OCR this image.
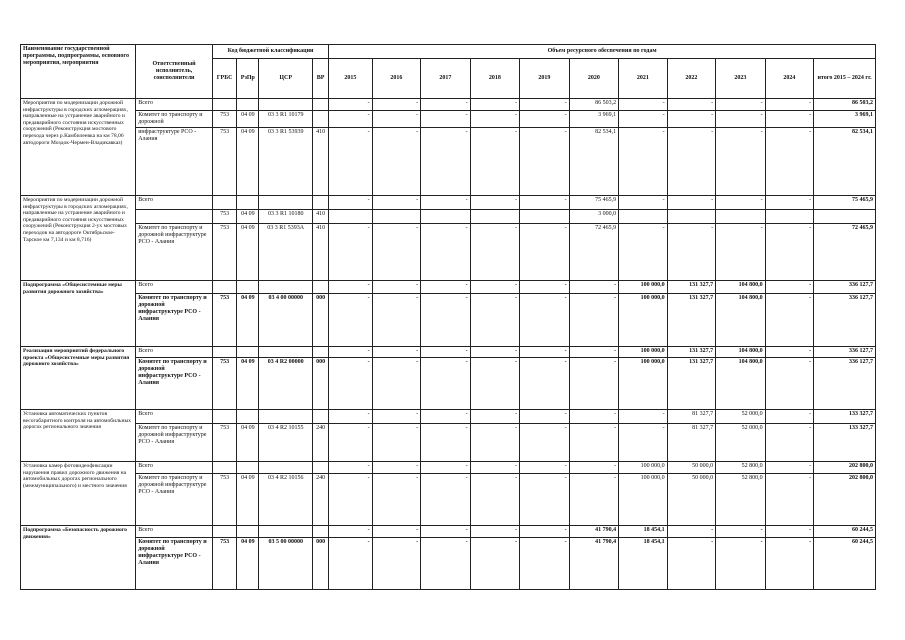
Наименование государственной программы, подпрограммы, основного мероприятия, мероприятия	Ответственный исполнитель, соисполнители	Код бюджетной классификации				Объем ресурсного обеспечения по годам										
		ГРБС	РзПр	ЦСР	ВР	2015	2016	2017	2018	2019	2020	2021	2022	2023	2024	итого 2015 – 2024 гг.
Мероприятия по модернизации дорожной инфраструктуры в городских агломерациях, направленные на устранение аварийного и предаварийного состояния искусственных сооружений (Реконструкция мостового перехода через р.Камбилеевка на км 78,06 автодороги Моздок-Чермен-Владикавказ)	Всего					-	-	-	-	-	86 503,2	-	-	-	-	86 503,2
	Комитет по транспорту и дорожной	753	04 09	03 3 R1 10179		-	-	-	-	-	3 969,1	-	-	-	-	3 969,1
	инфраструктуре РСО - Алания	753	04 09	03 3 R1 53939	410	-	-	-	-	-	82 534,1	-	-	-	-	82 534,1
Мероприятия по модернизации дорожной инфраструктуры в городских агломерациях, направленные на устранение аварийного и предаварийного состояния искусственных сооружений (Реконструкция 2-ух мостовых переходов на автодороге Октябрьское-Тарское км 7,134 и км 8,716)	Всего					-	-	-	-	-	75 465,9	-	-	-	-	75 465,9
		753	04 09	03 3 R1 10180	410						3 000,0					
	Комитет по транспорту и дорожной инфраструктуре РСО - Алания	753	04 09	03 3 R1 5393A	410	-	-	-	-	-	72 465,9	-	-	-	-	72 465,9
Подпрограмма «Общесистемные меры развития дорожного хозяйства»	Всего					-	-	-	-	-	-	100 000,0	131 327,7	104 800,0	-	336 127,7
	Комитет по транспорту и дорожной инфраструктуре РСО - Алания	753	04 09	03 4 00 00000	000	-	-	-	-	-	-	100 000,0	131 327,7	104 800,0	-	336 127,7
Реализация мероприятий федерального проекта «Общесистемные меры развития дорожного хозяйства»	Всего					-	-	-	-	-	-	100 000,0	131 327,7	104 800,0	-	336 127,7
	Комитет по транспорту и дорожной инфраструктуре РСО - Алания	753	04 09	03 4 R2 00000	000	-	-	-	-	-	-	100 000,0	131 327,7	104 800,0	-	336 127,7
Установка автоматических пунктов весогабаритного контроля на автомобильных дорогах регионального значения	Всего					-	-	-	-	-	-	-	81 327,7	52 000,0	-	133 327,7
	Комитет по транспорту и дорожной инфраструктуре РСО - Алания	753	04 09	03 4 R2 10155	240	-	-	-	-	-	-	-	81 327,7	52 000,0	-	133 327,7
Установка камер фотовидеофиксации нарушения правил дорожного движения на автомобильных дорогах регионального (межмуниципального) и местного значения	Всего					-	-	-	-	-	-	100 000,0	50 000,0	52 800,0	-	202 800,0
	Комитет по транспорту и дорожной инфраструктуре РСО - Алания	753	04 09	03 4 R2 10156	240	-	-	-	-	-	-	100 000,0	50 000,0	52 800,0	-	202 800,0
Подпрограмма «Безопасность дорожного движения»	Всего					-	-	-	-	-	41 790,4	18 454,1	-	-	-	60 244,5
	Комитет по транспорту и дорожной инфраструктуре РСО - Алания	753	04 09	03 5 00 00000	000	-	-	-	-	-	41 790,4	18 454,1	-	-	-	60 244,5
